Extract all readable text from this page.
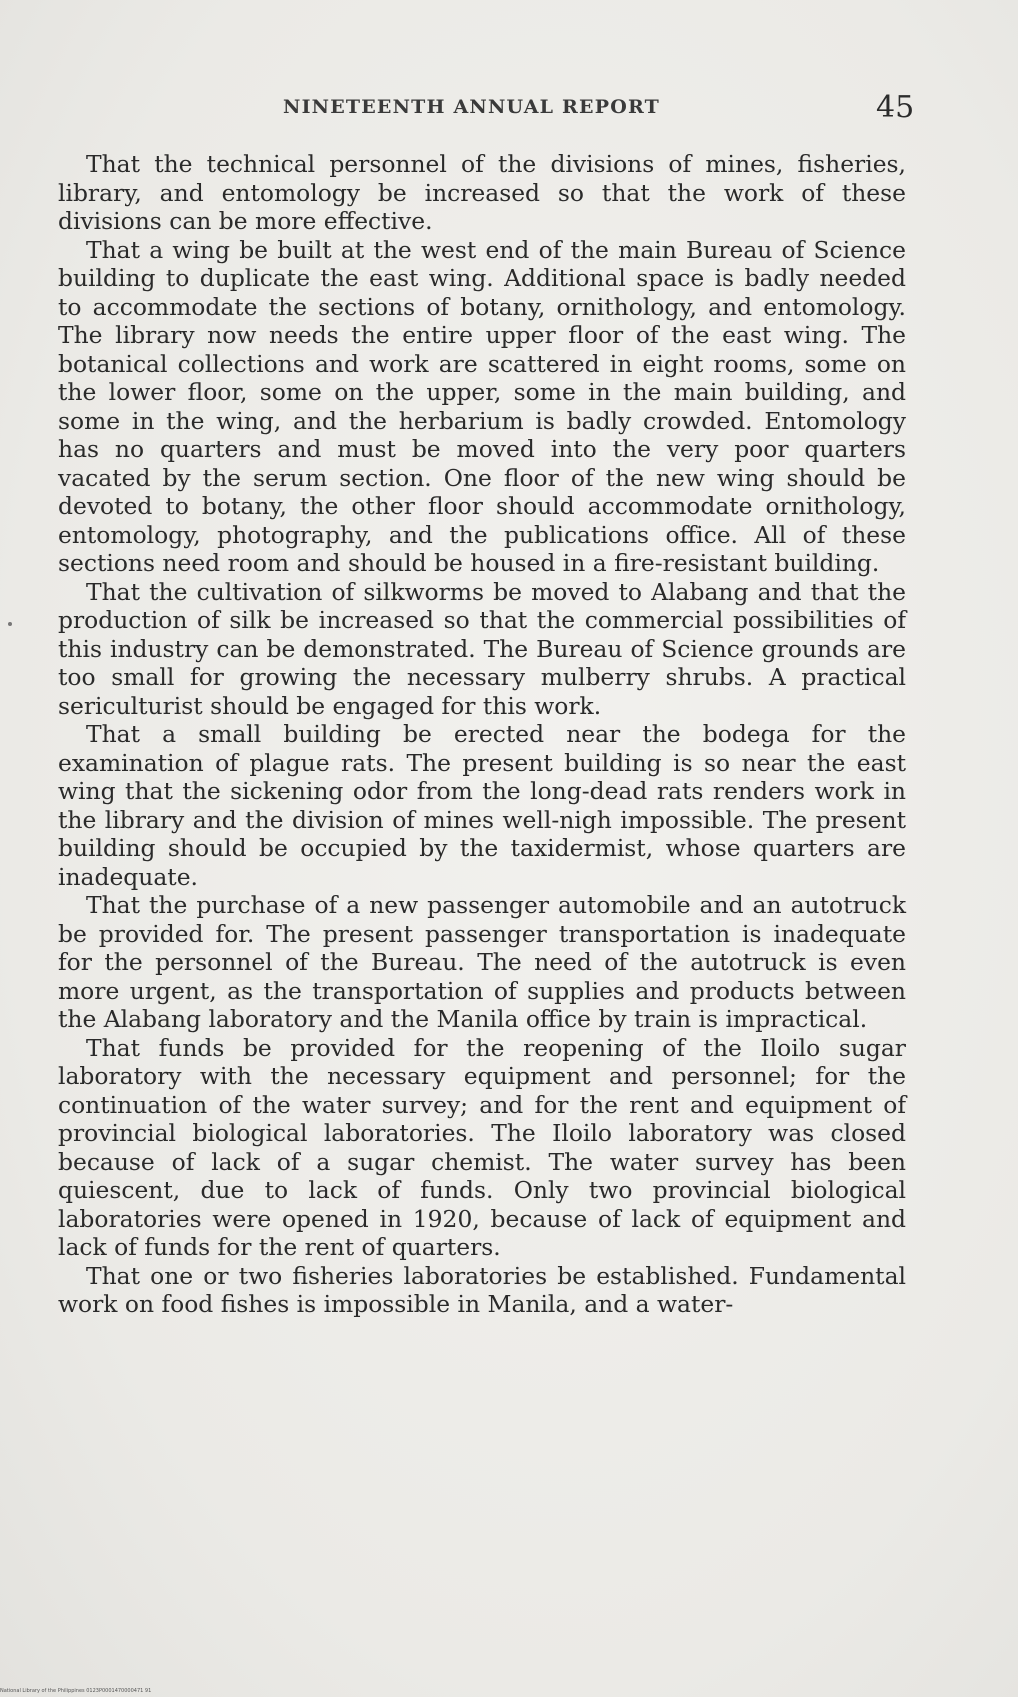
NINETEENTH ANNUAL REPORT	45

That the technical personnel of the divisions of mines, fisheries, library, and entomology be increased so that the work of these divisions can be more effective.

That a wing be built at the west end of the main Bureau of Science building to duplicate the east wing. Additional space is badly needed to accommodate the sections of botany, ornithology, and entomology. The library now needs the entire upper floor of the east wing. The botanical collections and work are scattered in eight rooms, some on the lower floor, some on the upper, some in the main building, and some in the wing, and the herbarium is badly crowded. Entomology has no quarters and must be moved into the very poor quarters vacated by the serum section. One floor of the new wing should be devoted to botany, the other floor should accommodate ornithology, entomology, photography, and the publications office. All of these sections need room and should be housed in a fire-resistant building.

That the cultivation of silkworms be moved to Alabang and that the production of silk be increased so that the commercial possibilities of this industry can be demonstrated. The Bureau of Science grounds are too small for growing the necessary mulberry shrubs. A practical sericulturist should be engaged for this work.

That a small building be erected near the bodega for the examination of plague rats. The present building is so near the east wing that the sickening odor from the long-dead rats renders work in the library and the division of mines well-nigh impossible. The present building should be occupied by the taxidermist, whose quarters are inadequate.

That the purchase of a new passenger automobile and an autotruck be provided for. The present passenger transportation is inadequate for the personnel of the Bureau. The need of the autotruck is even more urgent, as the transportation of supplies and products between the Alabang laboratory and the Manila office by train is impractical.

That funds be provided for the reopening of the Iloilo sugar laboratory with the necessary equipment and personnel; for the continuation of the water survey; and for the rent and equipment of provincial biological laboratories. The Iloilo laboratory was closed because of lack of a sugar chemist. The water survey has been quiescent, due to lack of funds. Only two provincial biological laboratories were opened in 1920, because of lack of equipment and lack of funds for the rent of quarters.

That one or two fisheries laboratories be established. Fundamental work on food fishes is impossible in Manila, and a water-

National Library of the Philippines 0123P0001470000471 91
